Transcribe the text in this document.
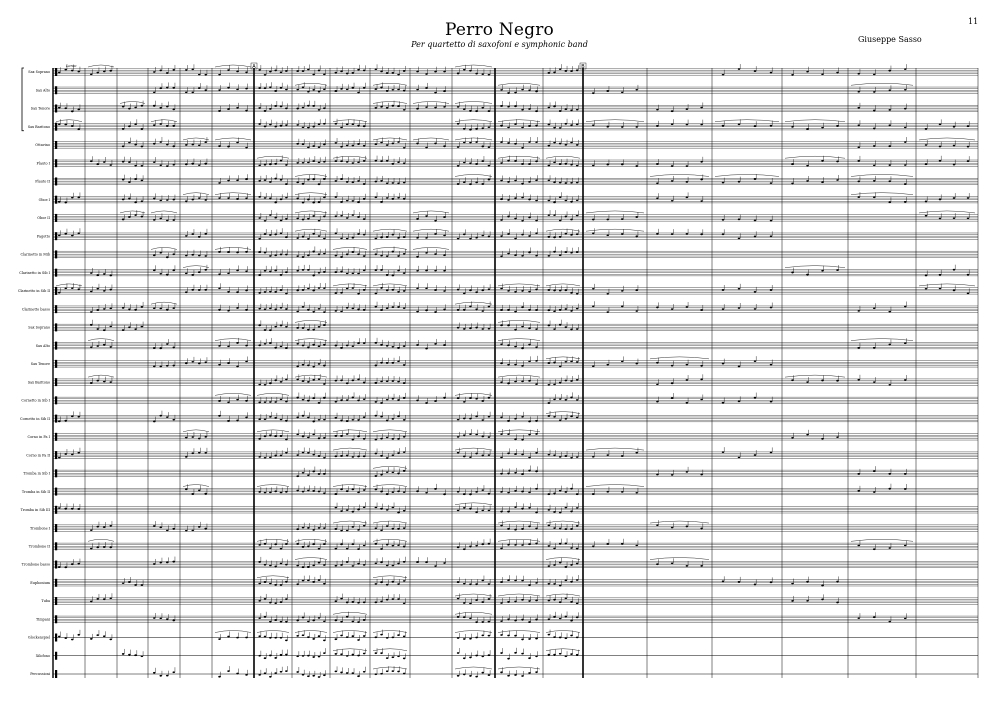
11
Perro Negro
Per quartetto di saxofoni e symphonic band
Giuseppe Sasso
Sax Soprano
Sax Alto
Sax Tenore
Sax Baritono
Ottavino
Flauto I
Flauto II
Oboe I
Oboe II
Fagotto
Clarinetto in Mib
Clarinetto in Sib I
Clarinetto in Sib II
Clarinetto basso
Sax Soprano
Sax Alto
Sax Tenore
Sax Baritono
Cornetto in Sib I
Cornetto in Sib II
Corno in Fa I
Corno in Fa II
Tromba in Sib I
Tromba in Sib II
Tromba in Sib III
Trombone I
Trombone II
Trombone basso
Euphonium
Tuba
Timpani
Glockenspiel
Xilofono
Percussioni
Lento	A	B
